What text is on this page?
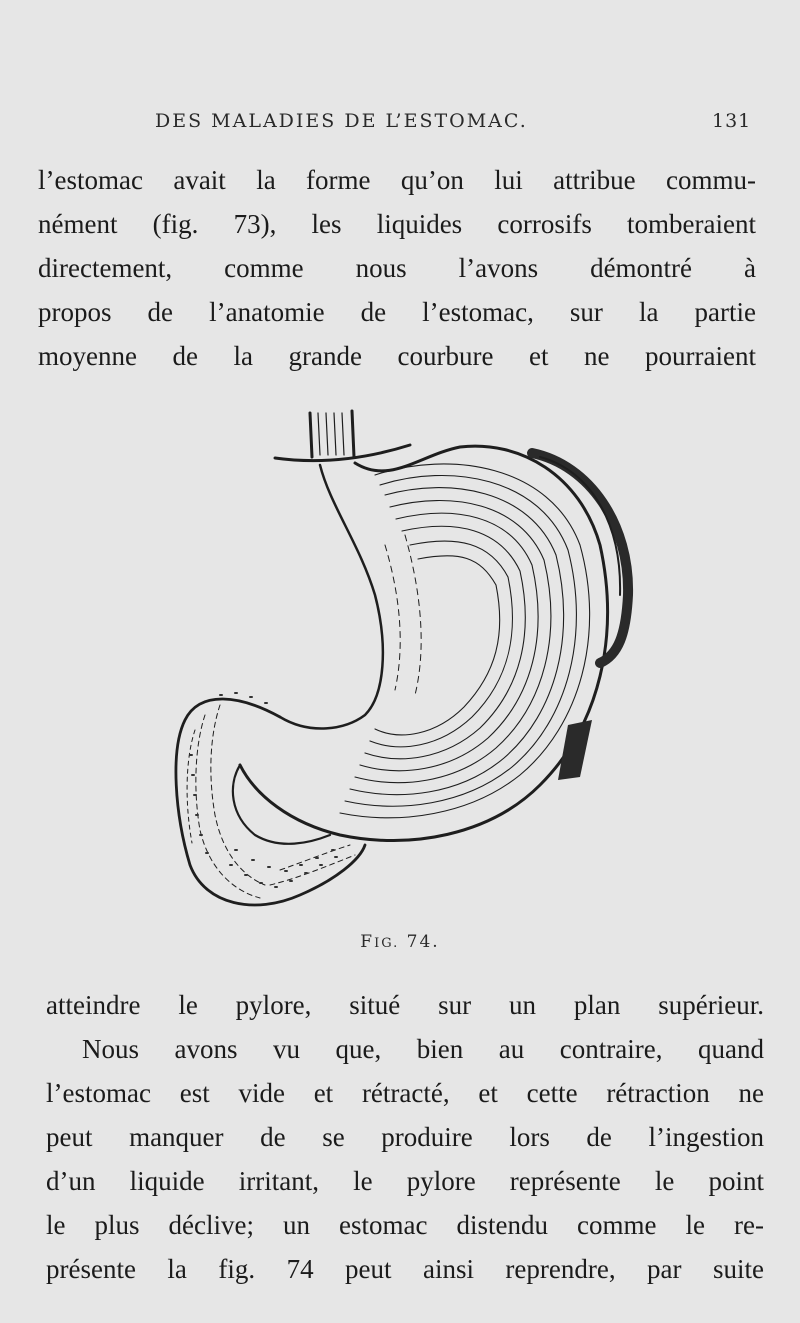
DES MALADIES DE L’ESTOMAC.	131
l’estomac avait la forme qu’on lui attribue commu-
nément (fig. 73), les liquides corrosifs tomberaient
directement, comme nous l’avons démontré à
propos de l’anatomie de l’estomac, sur la partie
moyenne de la grande courbure et ne pourraient
FIG. 74.
atteindre le pylore, situé sur un plan supérieur.
Nous avons vu que, bien au contraire, quand
l’estomac est vide et rétracté, et cette rétraction ne
peut manquer de se produire lors de l’ingestion
d’un liquide irritant, le pylore représente le point
le plus déclive; un estomac distendu comme le re-
présente la fig. 74 peut ainsi reprendre, par suite
